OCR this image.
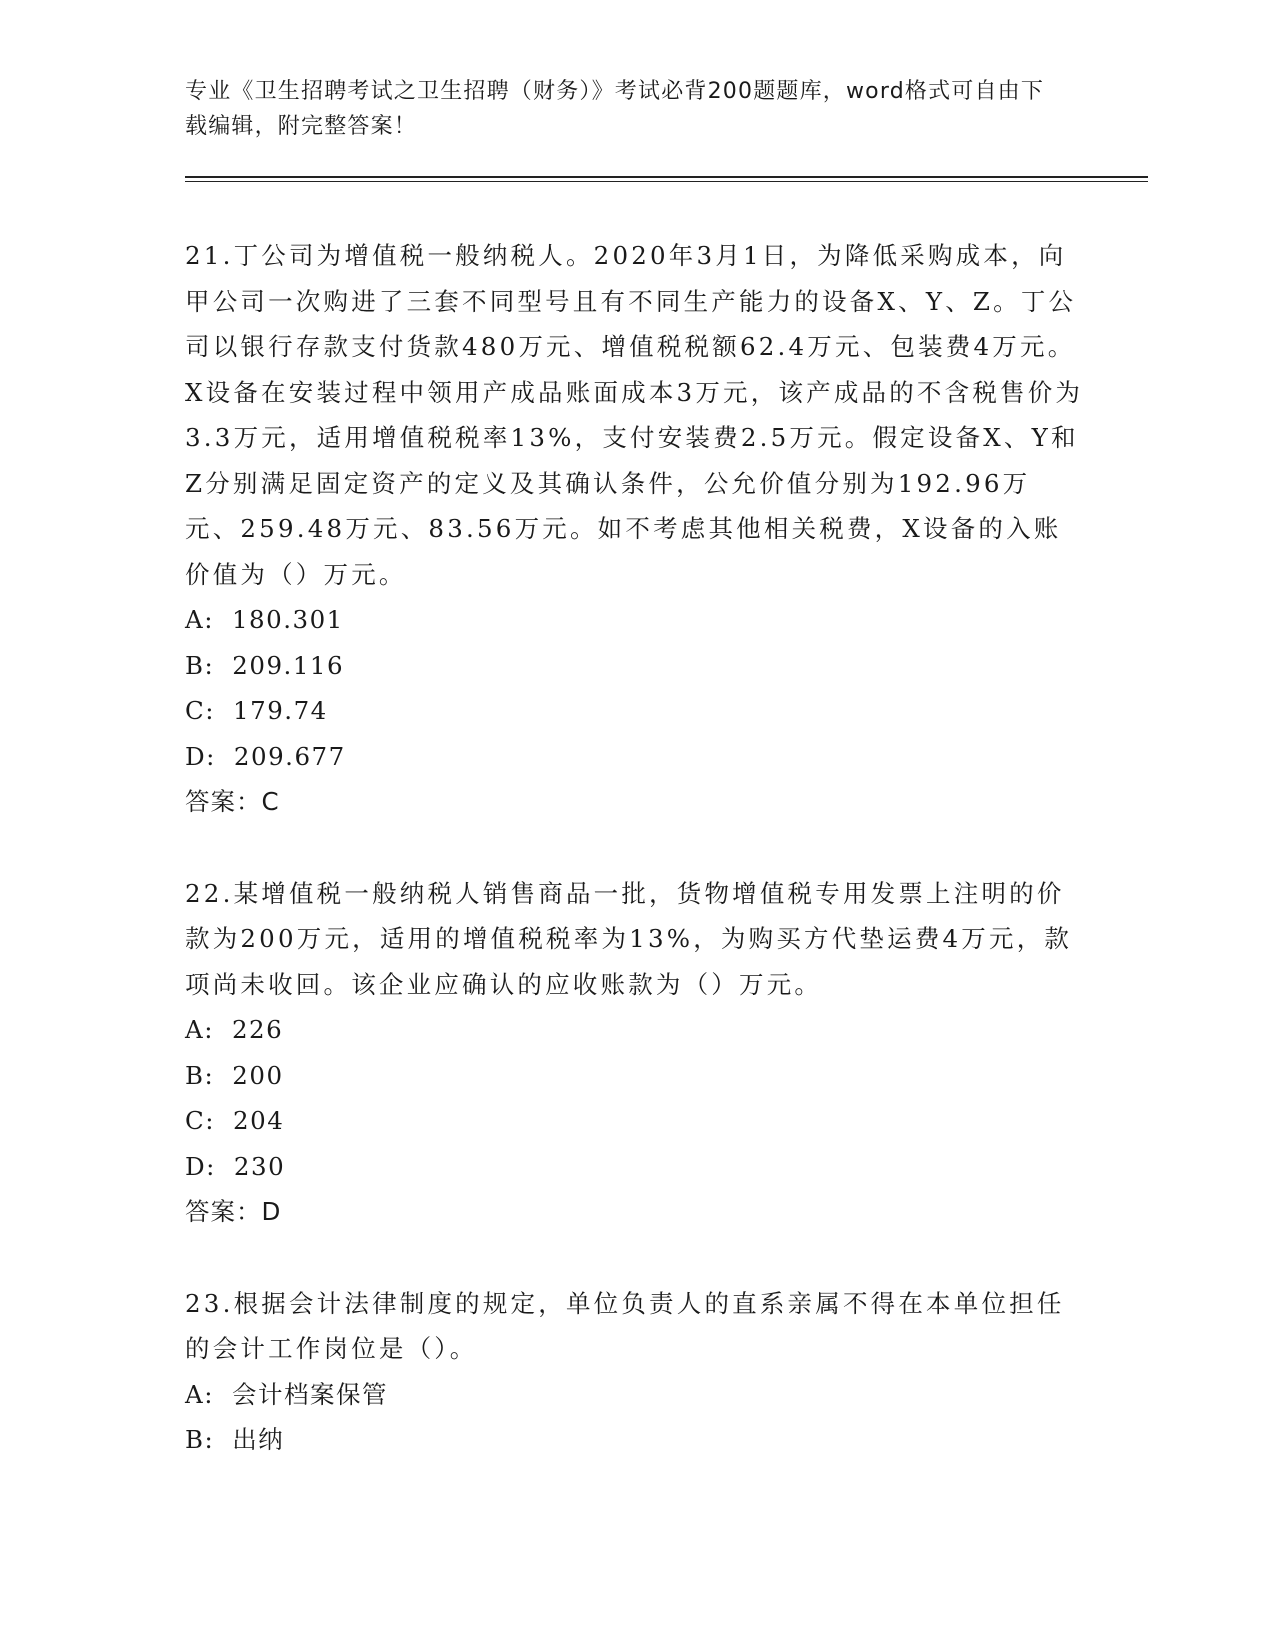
专业《卫生招聘考试之卫生招聘（财务）》考试必背200题题库，word格式可自由下载编辑，附完整答案！

21.丁公司为增值税一般纳税人。2020年3月1日，为降低采购成本，向甲公司一次购进了三套不同型号且有不同生产能力的设备X、Y、Z。丁公司以银行存款支付货款480万元、增值税税额62.4万元、包装费4万元。X设备在安装过程中领用产成品账面成本3万元，该产成品的不含税售价为3.3万元，适用增值税税率13%，支付安装费2.5万元。假定设备X、Y和Z分别满足固定资产的定义及其确认条件，公允价值分别为192.96万元、259.48万元、83.56万元。如不考虑其他相关税费，X设备的入账价值为（）万元。

A: 180.301

B: 209.116

C: 179.74

D: 209.677

答案：C

22.某增值税一般纳税人销售商品一批，货物增值税专用发票上注明的价款为200万元，适用的增值税税率为13%，为购买方代垫运费4万元，款项尚未收回。该企业应确认的应收账款为（）万元。

A: 226

B: 200

C: 204

D: 230

答案：D

23.根据会计法律制度的规定，单位负责人的直系亲属不得在本单位担任的会计工作岗位是（）。

A: 会计档案保管

B: 出纳
